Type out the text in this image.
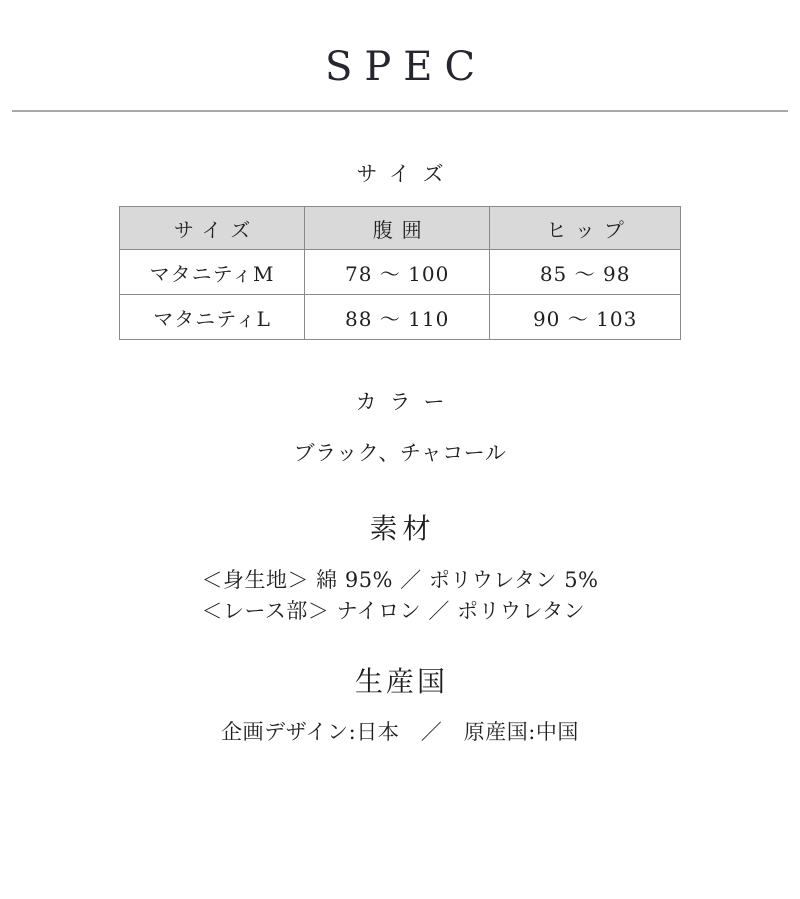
SPEC
サイズ
サイズ	腹囲	ヒップ
マタニティM	78 〜 100	85 〜 98
マタニティL	88 〜 110	90 〜 103
カラー

ブラック、チャコール

素材
＜身生地＞ 綿 95% ／ ポリウレタン 5%
＜レース部＞ ナイロン ／ ポリウレタン
生産国

企画デザイン:日本　／　原産国:中国
